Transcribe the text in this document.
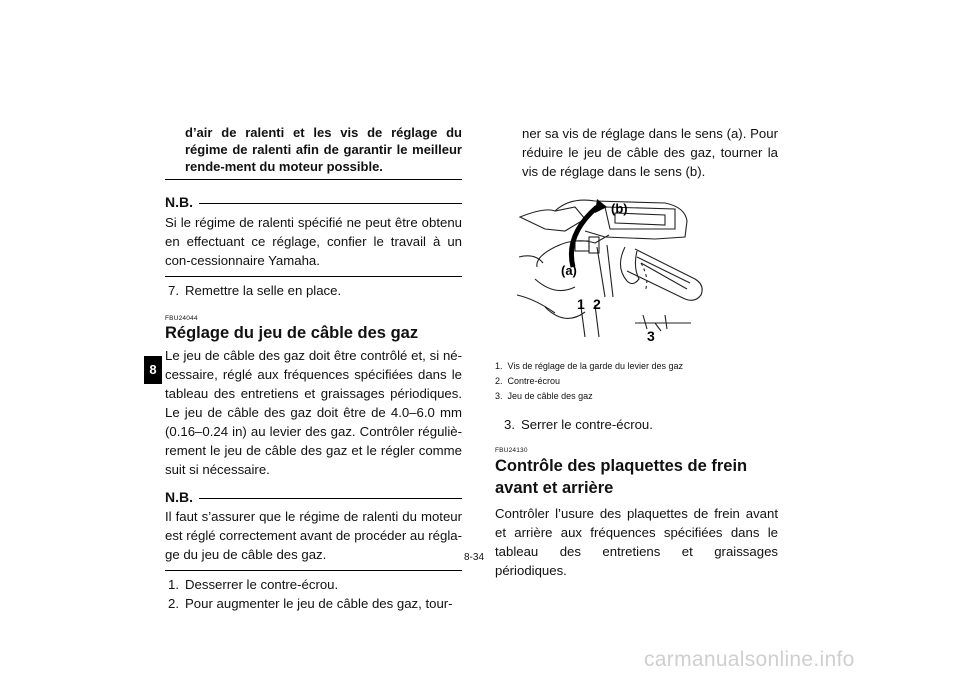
8

d’air de ralenti et les vis de réglage du régime de ralenti afin de garantir le meilleur rende-ment du moteur possible.

N.B.

Si le régime de ralenti spécifié ne peut être obtenu en effectuant ce réglage, confier le travail à un con-cessionnaire Yamaha.

7. Remettre la selle en place.
FBU24044
Réglage du jeu de câble des gaz

Le jeu de câble des gaz doit être contrôlé et, si né-cessaire, réglé aux fréquences spécifiées dans le tableau des entretiens et graissages périodiques. Le jeu de câble des gaz doit être de 4.0–6.0 mm (0.16–0.24 in) au levier des gaz. Contrôler réguliè-rement le jeu de câble des gaz et le régler comme suit si nécessaire.

N.B.

Il faut s’assurer que le régime de ralenti du moteur est réglé correctement avant de procéder au régla-ge du jeu de câble des gaz.

1. Desserrer le contre-écrou.
2. Pour augmenter le jeu de câble des gaz, tour-

ner sa vis de réglage dans le sens (a). Pour réduire le jeu de câble des gaz, tourner la vis de réglage dans le sens (b).

(b)
(a)
1 2
3
1. Vis de réglage de la garde du levier des gaz
2. Contre-écrou
3. Jeu de câble des gaz
3. Serrer le contre-écrou.
FBU24130
Contrôle des plaquettes de frein avant et arrière

Contrôler l’usure des plaquettes de frein avant et arrière aux fréquences spécifiées dans le tableau des entretiens et graissages périodiques.

8-34
carmanualsonline.info
